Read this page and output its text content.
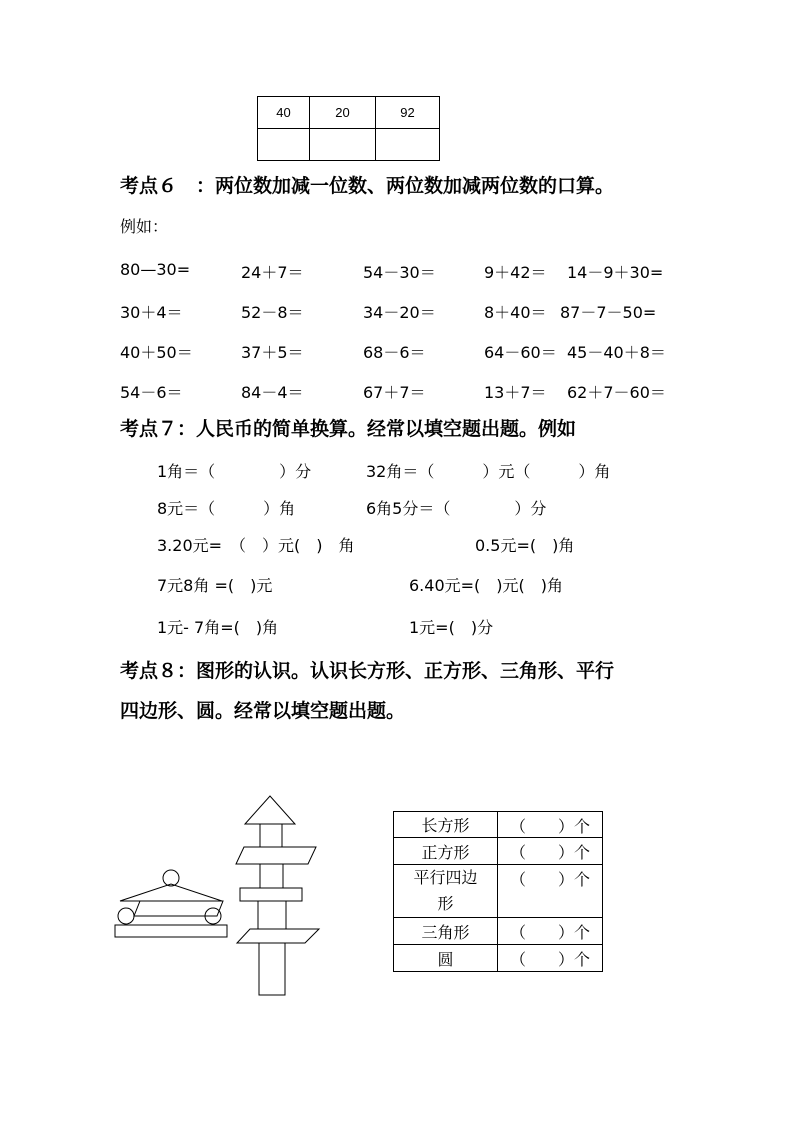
40	20	92

考点６　：两位数加减一位数、两位数加减两位数的口算。
例如：
80—30=	24＋7＝	54－30＝	9＋42＝ 14－9＋30=
30＋4＝	52－8＝	34－20＝	8＋40＝ 87－7－50=
40＋50＝	37＋5＝	68－6＝	64－60＝ 45－40＋8＝
54－6＝	84－4＝	67＋7＝	13＋7＝ 62＋7－60＝
考点７：人民币的简单换算。经常以填空题出题。例如
1角＝（　　　　）分	32角＝（　　　）元（　　　）角
8元＝（　　　）角	6角5分＝（　　　　）分
3.20元=　（　）元(　)　角	0.5元=(　)角
7元8角 =(　)元	6.40元=(　)元(　)角
1元- 7角=(　)角	1元=(　)分
考点８：图形的认识。认识长方形、正方形、三角形、平行
四边形、圆。经常以填空题出题。
长方形	（　　）个
正方形	（　　）个
平行四边
形	（　　）个
三角形	（　　）个
圆	（　　）个
